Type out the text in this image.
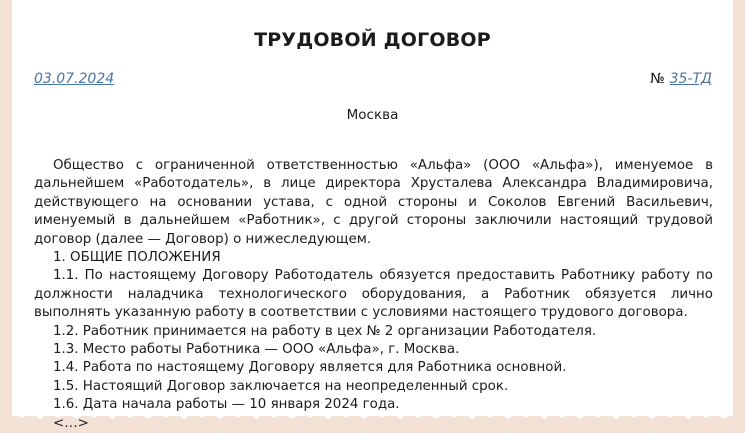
ТРУДОВОЙ ДОГОВОР
03.07.2024	№ 35-ТД
Москва

Общество с ограниченной ответственностью «Альфа» (ООО «Альфа»), именуемое в дальнейшем «Работодатель», в лице директора Хрусталева Александра Владимировича, действующего на основании устава, с одной стороны и Соколов Евгений Васильевич, именуемый в дальнейшем «Работник», с другой стороны заключили настоящий трудовой договор (далее — Договор) о нижеследующем.

1. ОБЩИЕ ПОЛОЖЕНИЯ

1.1. По настоящему Договору Работодатель обязуется предоставить Работнику работу по должности наладчика технологического оборудования, а Работник обязуется лично выполнять указанную работу в соответствии с условиями настоящего трудового договора.

1.2. Работник принимается на работу в цех № 2 организации Работодателя.

1.3. Место работы Работника — ООО «Альфа», г. Москва.

1.4. Работа по настоящему Договору является для Работника основной.

1.5. Настоящий Договор заключается на неопределенный срок.

1.6. Дата начала работы — 10 января 2024 года.

<…>
